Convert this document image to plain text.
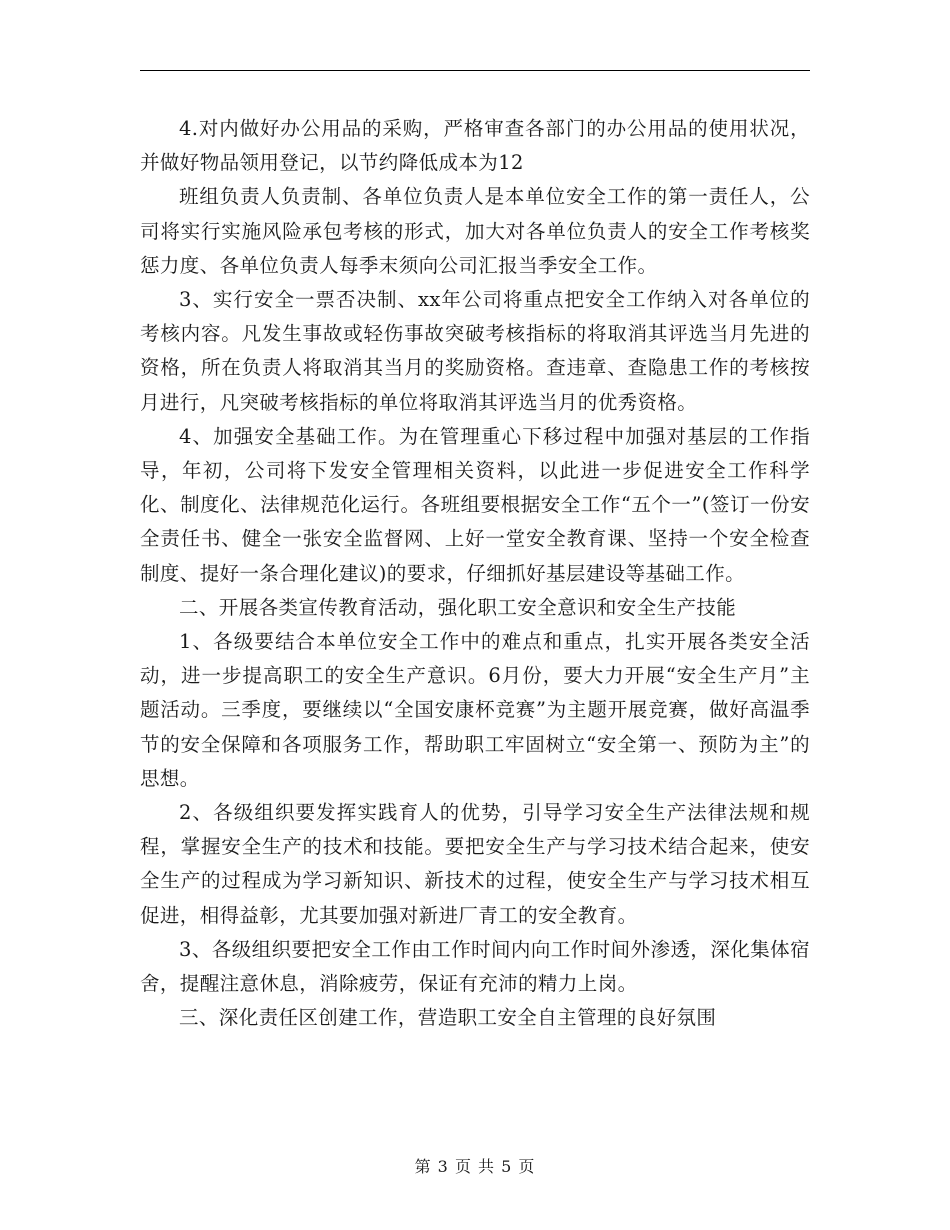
4.对内做好办公用品的采购，严格审查各部门的办公用品的使用状况，并做好物品领用登记，以节约降低成本为12

班组负责人负责制、各单位负责人是本单位安全工作的第一责任人，公司将实行实施风险承包考核的形式，加大对各单位负责人的安全工作考核奖惩力度、各单位负责人每季末须向公司汇报当季安全工作。

3、实行安全一票否决制、xx年公司将重点把安全工作纳入对各单位的考核内容。凡发生事故或轻伤事故突破考核指标的将取消其评选当月先进的资格，所在负责人将取消其当月的奖励资格。查违章、查隐患工作的考核按月进行，凡突破考核指标的单位将取消其评选当月的优秀资格。

4、加强安全基础工作。为在管理重心下移过程中加强对基层的工作指导，年初，公司将下发安全管理相关资料，以此进一步促进安全工作科学化、制度化、法律规范化运行。各班组要根据安全工作“五个一”(签订一份安全责任书、健全一张安全监督网、上好一堂安全教育课、坚持一个安全检查制度、提好一条合理化建议)的要求，仔细抓好基层建设等基础工作。

二、开展各类宣传教育活动，强化职工安全意识和安全生产技能

1、各级要结合本单位安全工作中的难点和重点，扎实开展各类安全活动，进一步提高职工的安全生产意识。6月份，要大力开展“安全生产月”主题活动。三季度，要继续以“全国安康杯竞赛”为主题开展竞赛，做好高温季节的安全保障和各项服务工作，帮助职工牢固树立“安全第一、预防为主”的思想。

2、各级组织要发挥实践育人的优势，引导学习安全生产法律法规和规程，掌握安全生产的技术和技能。要把安全生产与学习技术结合起来，使安全生产的过程成为学习新知识、新技术的过程，使安全生产与学习技术相互促进，相得益彰，尤其要加强对新进厂青工的安全教育。

3、各级组织要把安全工作由工作时间内向工作时间外渗透，深化集体宿舍，提醒注意休息，消除疲劳，保证有充沛的精力上岗。

三、深化责任区创建工作，营造职工安全自主管理的良好氛围

第 3 页 共 5 页
